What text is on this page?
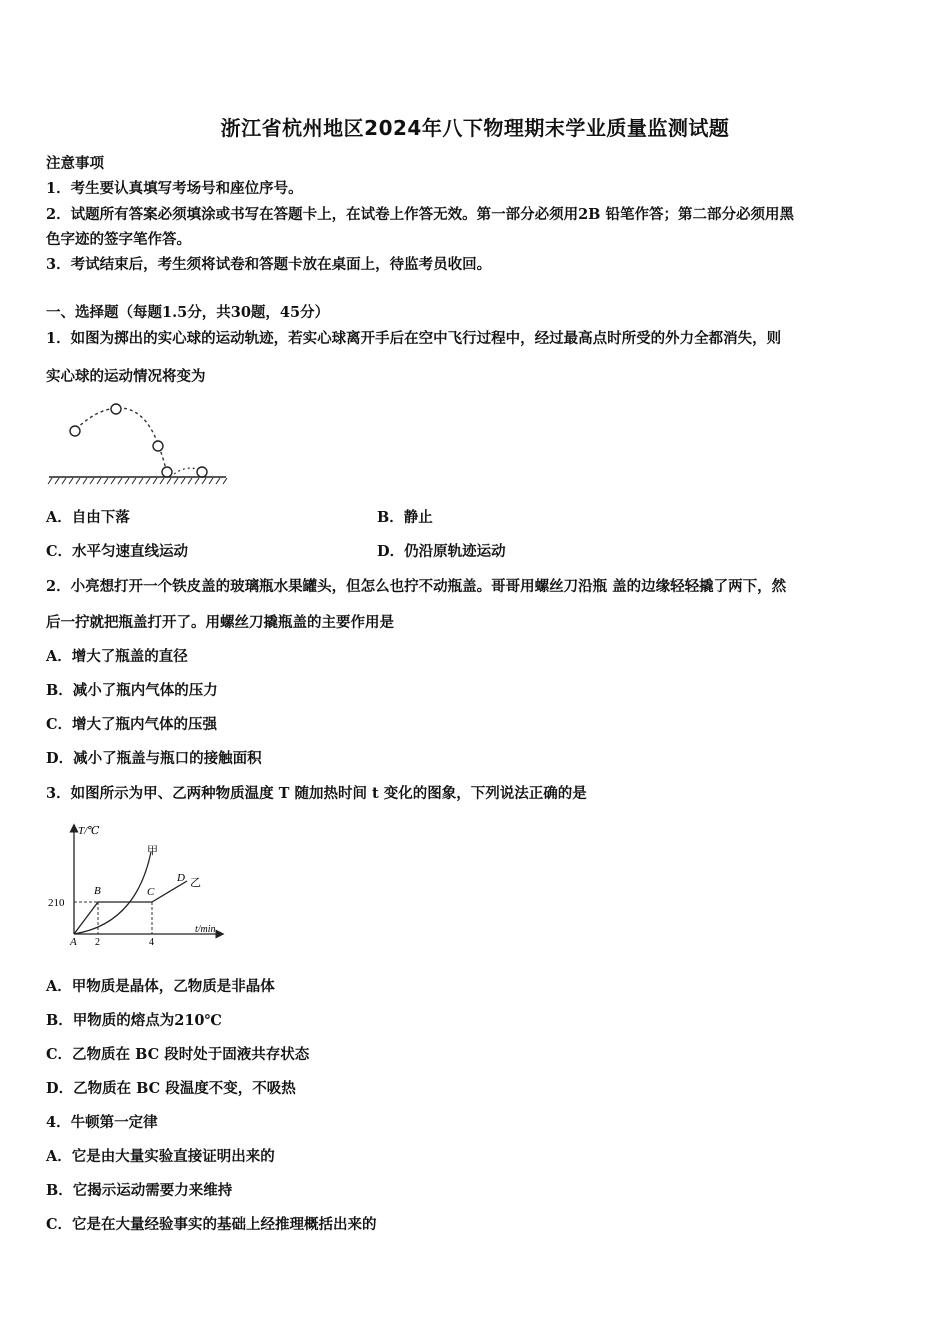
浙江省杭州地区2024年八下物理期末学业质量监测试题
注意事项
1．考生要认真填写考场号和座位序号。
2．试题所有答案必须填涂或书写在答题卡上，在试卷上作答无效。第一部分必须用2B 铅笔作答；第二部分必须用黑
色字迹的签字笔作答。
3．考试结束后，考生须将试卷和答题卡放在桌面上，待监考员收回。
一、选择题（每题1.5分，共30题，45分）
1．如图为掷出的实心球的运动轨迹，若实心球离开手后在空中飞行过程中，经过最高点时所受的外力全都消失，则
实心球的运动情况将变为
A．自由下落	B．静止
C．水平匀速直线运动	D．仍沿原轨迹运动
2．小亮想打开一个铁皮盖的玻璃瓶水果罐头，但怎么也拧不动瓶盖。哥哥用螺丝刀沿瓶 盖的边缘轻轻撬了两下，然
后一拧就把瓶盖打开了。用螺丝刀撬瓶盖的主要作用是
A．增大了瓶盖的直径
B．减小了瓶内气体的压力
C．增大了瓶内气体的压强
D．减小了瓶盖与瓶口的接触面积
3．如图所示为甲、乙两种物质温度 T 随加热时间 t 变化的图象，下列说法正确的是
T/℃
t/min
210
A
B	C
D
甲
乙
2	4
A．甲物质是晶体，乙物质是非晶体
B．甲物质的熔点为210℃
C．乙物质在 BC 段时处于固液共存状态
D．乙物质在 BC 段温度不变，不吸热
4．牛顿第一定律
A．它是由大量实验直接证明出来的
B．它揭示运动需要力来维持
C．它是在大量经验事实的基础上经推理概括出来的
